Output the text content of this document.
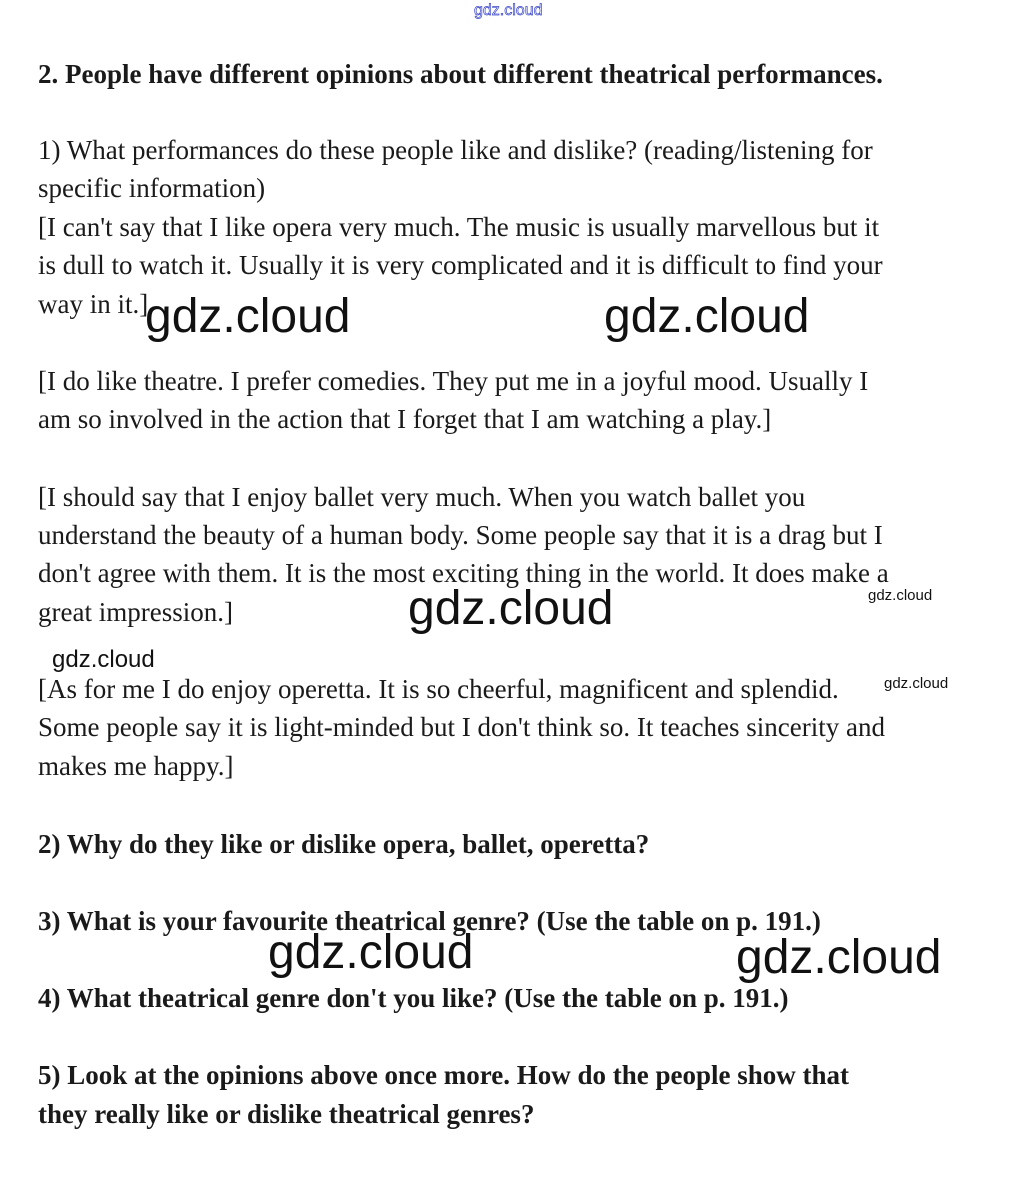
gdz.cloud
2. People have different opinions about different theatrical performances.
1) What performances do these people like and dislike? (reading/listening for
specific information)
[I can't say that I like opera very much. The music is usually marvellous but it
is dull to watch it. Usually it is very complicated and it is difficult to find your
way in it.]
[I do like theatre. I prefer comedies. They put me in a joyful mood. Usually I
am so involved in the action that I forget that I am watching a play.]
[I should say that I enjoy ballet very much. When you watch ballet you
understand the beauty of a human body. Some people say that it is a drag but I
don't agree with them. It is the most exciting thing in the world. It does make a
great impression.]
[As for me I do enjoy operetta. It is so cheerful, magnificent and splendid.
Some people say it is light-minded but I don't think so. It teaches sincerity and
makes me happy.]
2) Why do they like or dislike opera, ballet, operetta?
3) What is your favourite theatrical genre? (Use the table on p. 191.)
4) What theatrical genre don't you like? (Use the table on p. 191.)
5) Look at the opinions above once more. How do the people show that
they really like or dislike theatrical genres?
gdz.cloud	gdz.cloud
gdz.cloud	gdz.cloud
gdz.cloud
gdz.cloud
gdz.cloud	gdz.cloud
